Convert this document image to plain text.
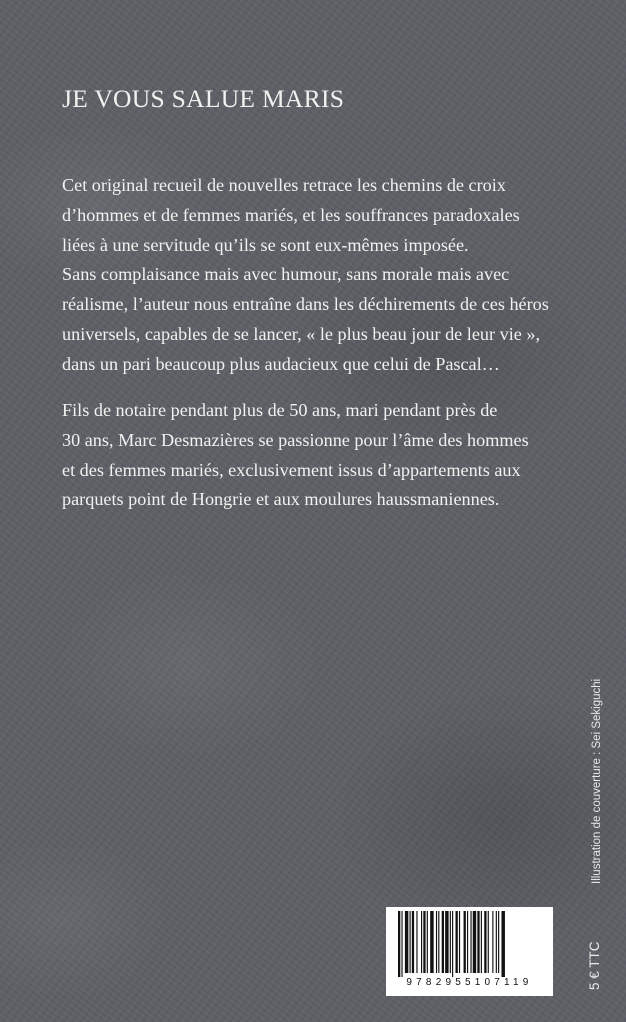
JE VOUS SALUE MARIS
Cet original recueil de nouvelles retrace les chemins de croix
d’hommes et de femmes mariés, et les souffrances paradoxales
liées à une servitude qu’ils se sont eux-mêmes imposée.
Sans complaisance mais avec humour, sans morale mais avec
réalisme, l’auteur nous entraîne dans les déchirements de ces héros
universels, capables de se lancer, « le plus beau jour de leur vie »,
dans un pari beaucoup plus audacieux que celui de Pascal…
Fils de notaire pendant plus de 50 ans, mari pendant près de
30 ans, Marc Desmazières se passionne pour l’âme des hommes
et des femmes mariés, exclusivement issus d’appartements aux
parquets point de Hongrie et aux moulures haussmaniennes.
Illustration de couverture : Sei Sekiguchi
5 € TTC
9782955107119
